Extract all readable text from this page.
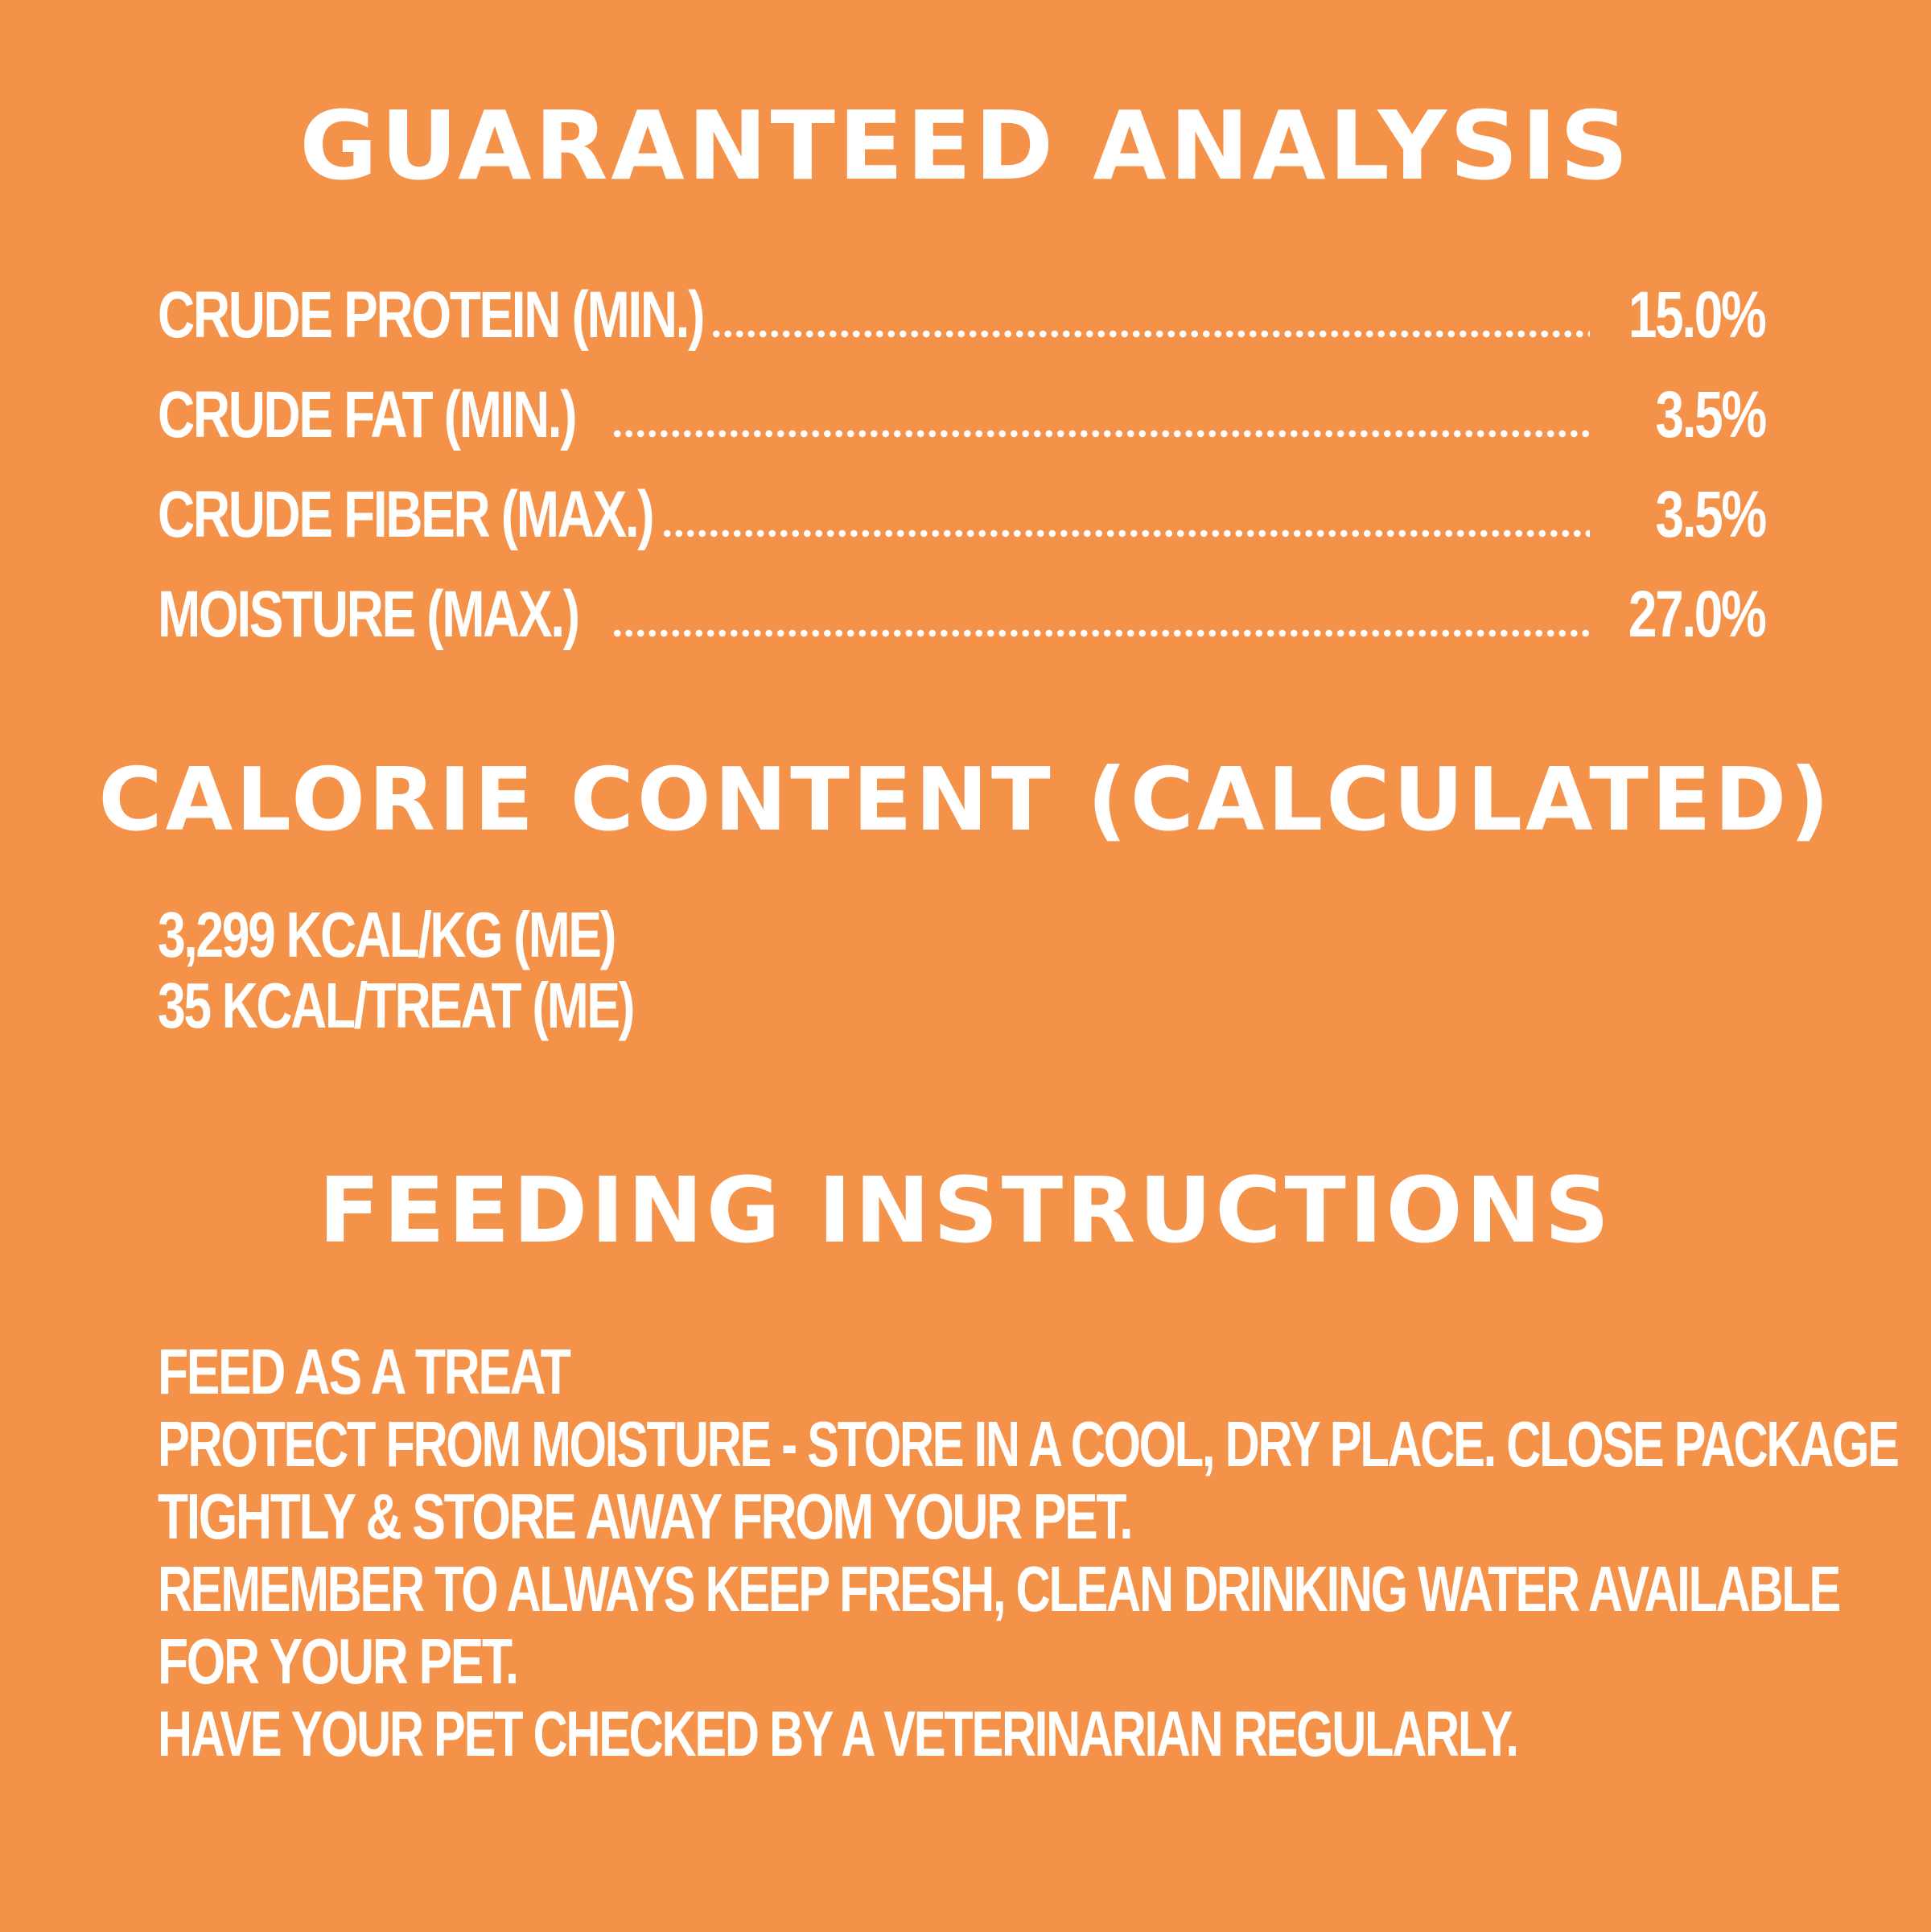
GUARANTEED ANALYSIS
CRUDE PROTEIN (MIN.)	15.0%
CRUDE FAT (MIN.)	3.5%
CRUDE FIBER (MAX.)	3.5%
MOISTURE (MAX.)	27.0%
CALORIE CONTENT (CALCULATED)
3,299 KCAL/KG (ME)
35 KCAL/TREAT (ME)
FEEDING INSTRUCTIONS
FEED AS A TREAT
PROTECT FROM MOISTURE - STORE IN A COOL, DRY PLACE. CLOSE PACKAGE
TIGHTLY & STORE AWAY FROM YOUR PET.
REMEMBER TO ALWAYS KEEP FRESH, CLEAN DRINKING WATER AVAILABLE
FOR YOUR PET.
HAVE YOUR PET CHECKED BY A VETERINARIAN REGULARLY.
